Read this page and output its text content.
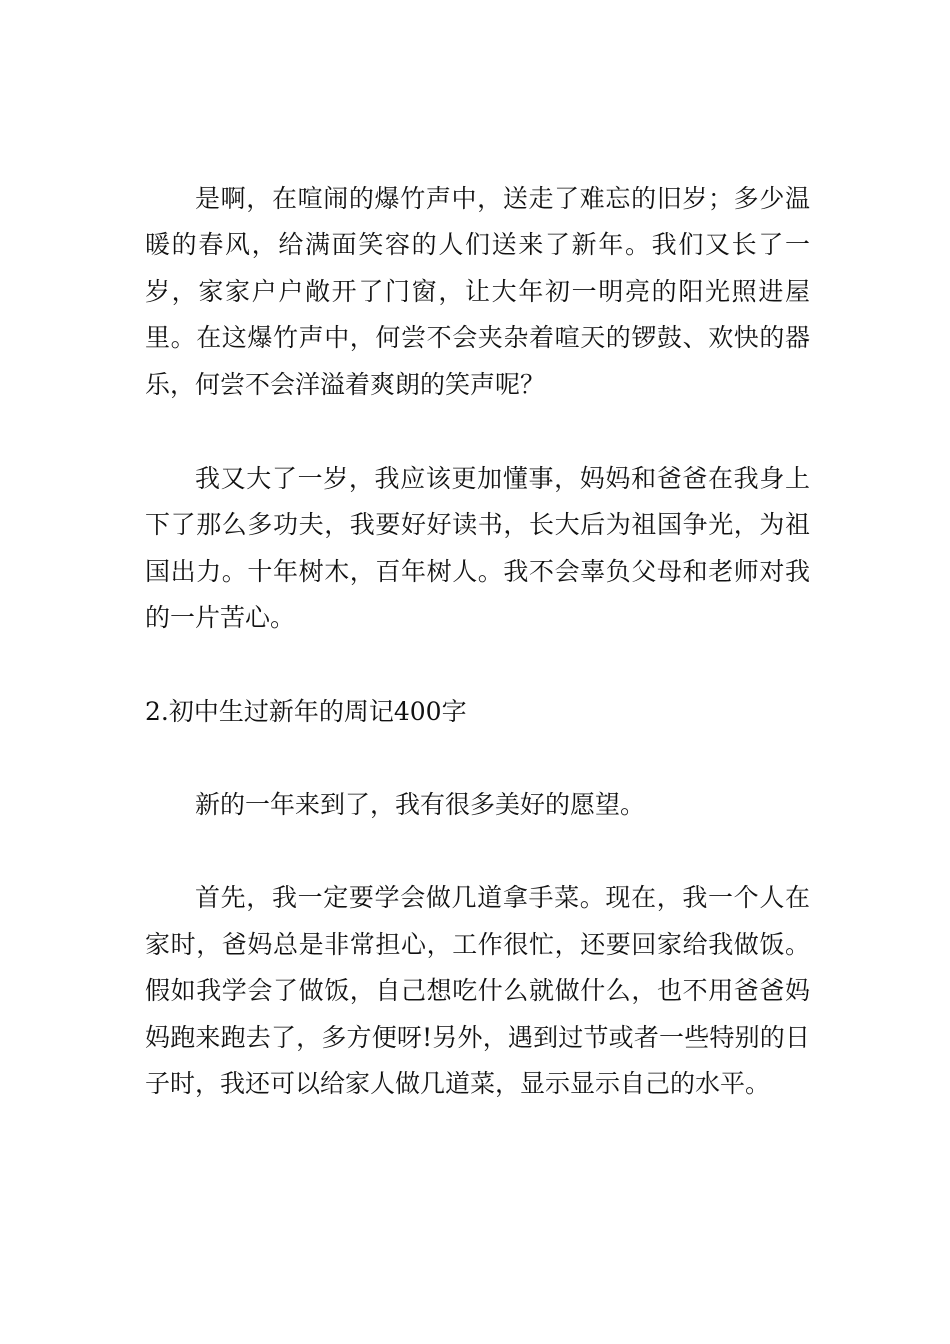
是啊，在喧闹的爆竹声中，送走了难忘的旧岁；多少温暖的春风，给满面笑容的人们送来了新年。我们又长了一岁，家家户户敞开了门窗，让大年初一明亮的阳光照进屋里。在这爆竹声中，何尝不会夹杂着喧天的锣鼓、欢快的器乐，何尝不会洋溢着爽朗的笑声呢？

我又大了一岁，我应该更加懂事，妈妈和爸爸在我身上下了那么多功夫，我要好好读书，长大后为祖国争光，为祖国出力。十年树木，百年树人。我不会辜负父母和老师对我的一片苦心。

2.初中生过新年的周记400字

新的一年来到了，我有很多美好的愿望。

首先，我一定要学会做几道拿手菜。现在，我一个人在家时，爸妈总是非常担心，工作很忙，还要回家给我做饭。假如我学会了做饭，自己想吃什么就做什么，也不用爸爸妈妈跑来跑去了，多方便呀!另外，遇到过节或者一些特别的日子时，我还可以给家人做几道菜，显示显示自己的水平。
